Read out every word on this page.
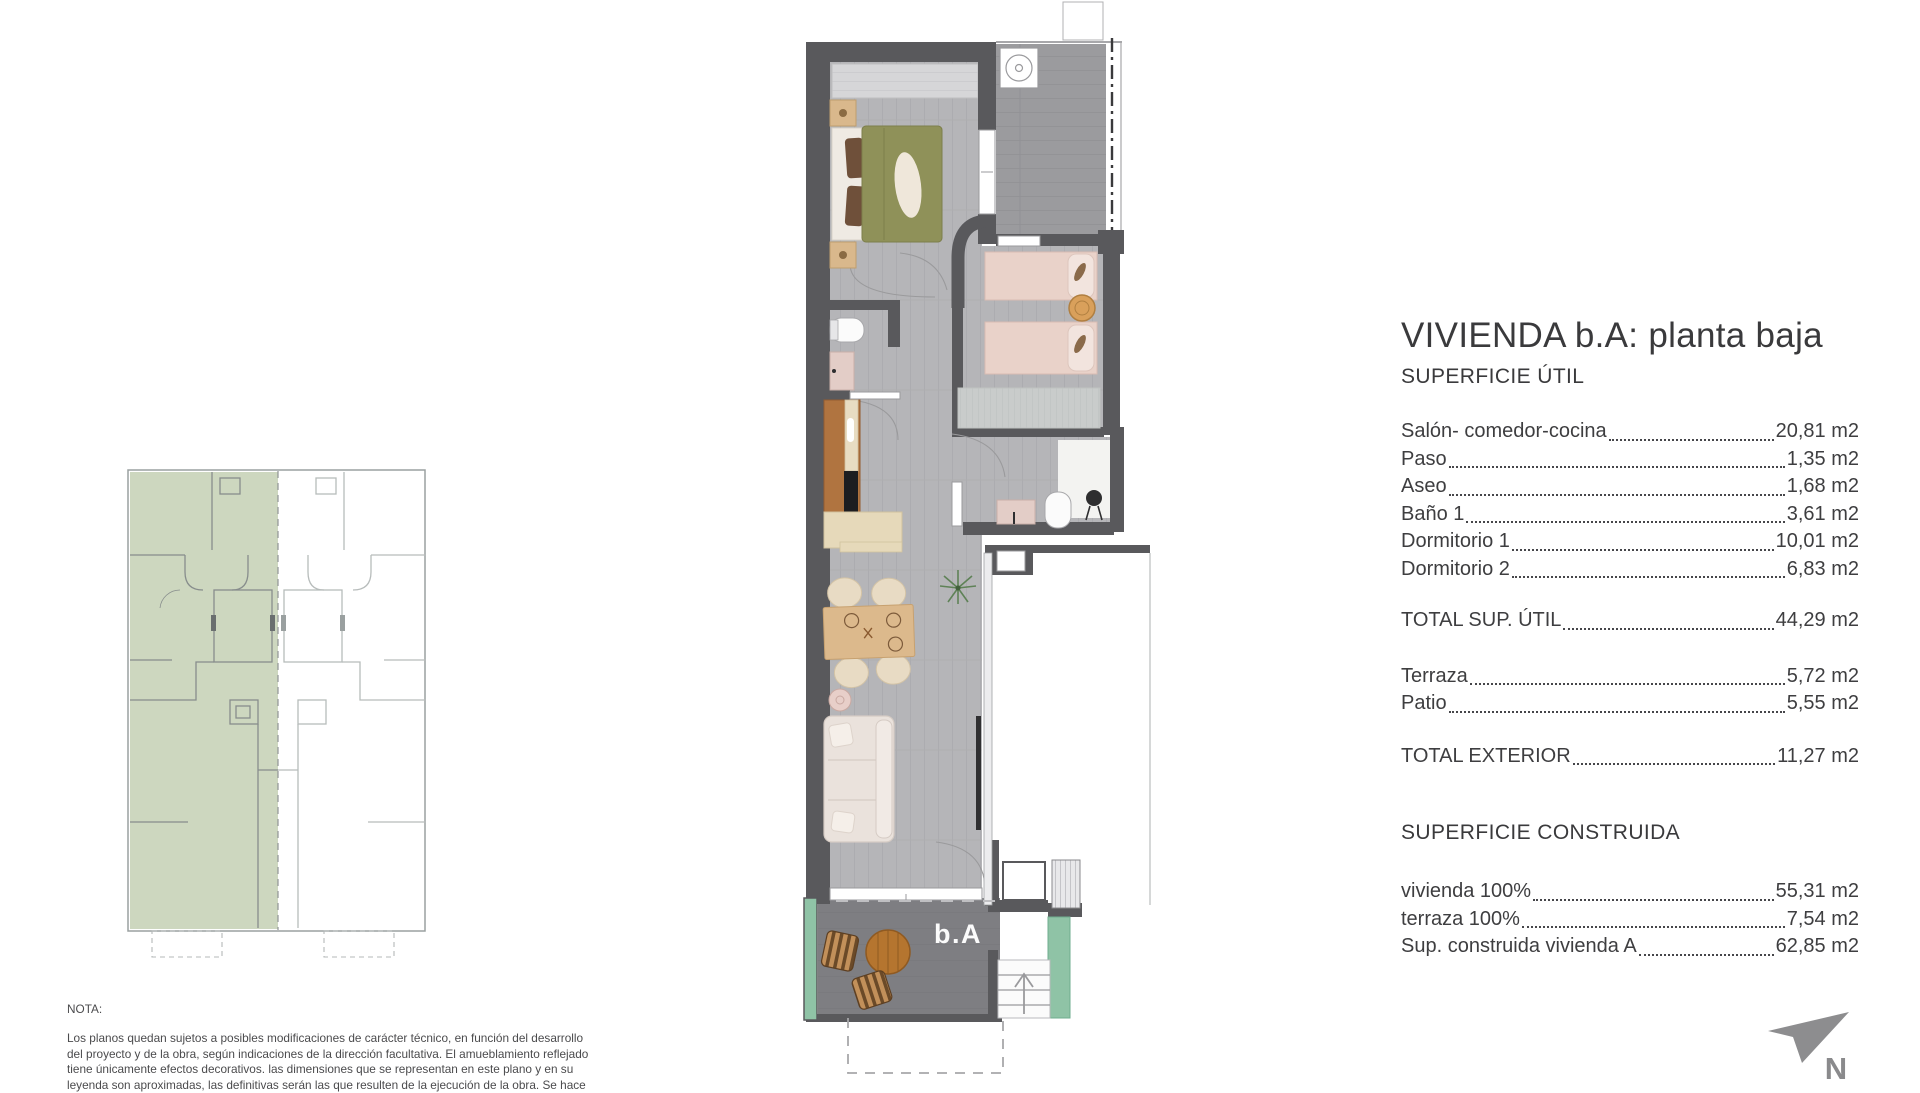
b.A
N
VIVIENDA b.A: planta baja
SUPERFICIE ÚTIL
Salón- comedor-cocina	20,81 m2
Paso	1,35 m2
Aseo	1,68 m2
Baño 1	3,61 m2
Dormitorio 1	10,01 m2
Dormitorio 2	6,83 m2
TOTAL SUP. ÚTIL	44,29 m2
Terraza	5,72 m2
Patio	5,55 m2
TOTAL EXTERIOR	11,27 m2
SUPERFICIE CONSTRUIDA
vivienda 100%	55,31 m2
terraza 100%	7,54 m2
Sup. construida vivienda A	62,85 m2
NOTA:
Los planos quedan sujetos a posibles modificaciones de carácter técnico, en función del desarrollo
del proyecto y de la obra, según indicaciones de la dirección facultativa. El amueblamiento reflejado
tiene únicamente efectos decorativos. las dimensiones que se representan en este plano y en su
leyenda son aproximadas, las definitivas serán las que resulten de la ejecución de la obra. Se hace
